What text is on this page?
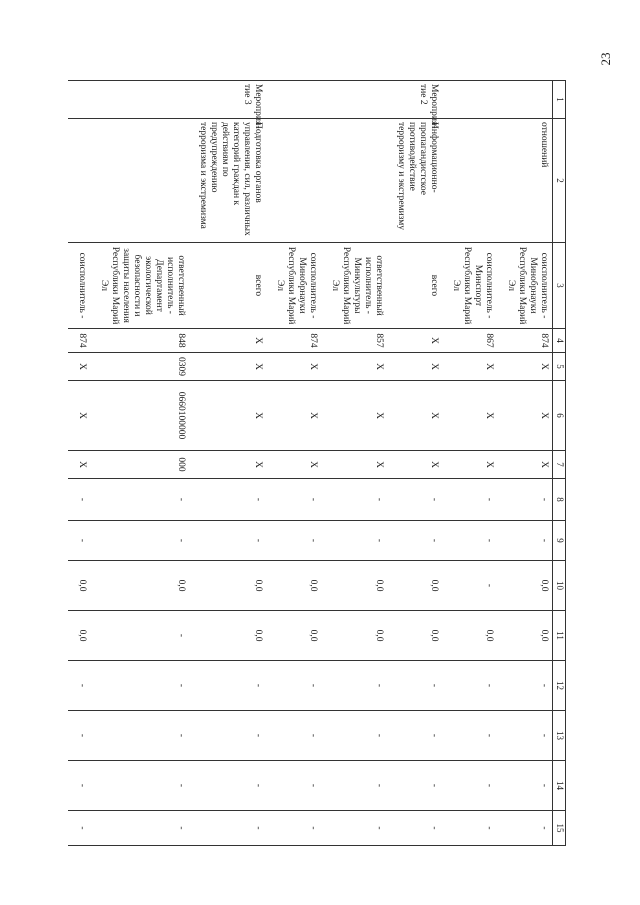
23
1	2	3	4	5	6	7	8	9	10	11	12	13	14	15
	отношений	соисполнитель - Минобрнауки Республики Марий Эл	874	X	X	X	-	-	0,0	0,0	-	-	-	-
		соисполнитель - Минспорт Республики Марий Эл	867	X	X	X	-	-	-	0,0	-	-	-	-
Мероприя-тие 2	Информационно-пропагандистское противодействие терроризму и экстремизму	всего	X	X	X	X	-	-	0,0	0,0	-	-	-	-
		ответственный исполнитель - Минкультуры Республики Марий Эл	857	X	X	X	-	-	0,0	0,0	-	-	-	-
		соисполнитель - Минобрнауки Республики Марий Эл	874	X	X	X	-	-	0,0	0,0	-	-	-	-
Мероприя-тие 3	Подготовка органов управления, сил, различных категорий граждан к действиям по предупреждению терроризма и экстремизма	всего	X	X	X	X	-	-	0,0	0,0	-	-	-	-
		ответственный исполнитель - Департамент экологической безопасности и защиты населения Республики Марий Эл	848	0309	0660100000	000	-	-	0,0	-	-	-	-	-
		соисполнитель -	874	X	X	X	-	-	0,0	0,0	-	-	-	-
